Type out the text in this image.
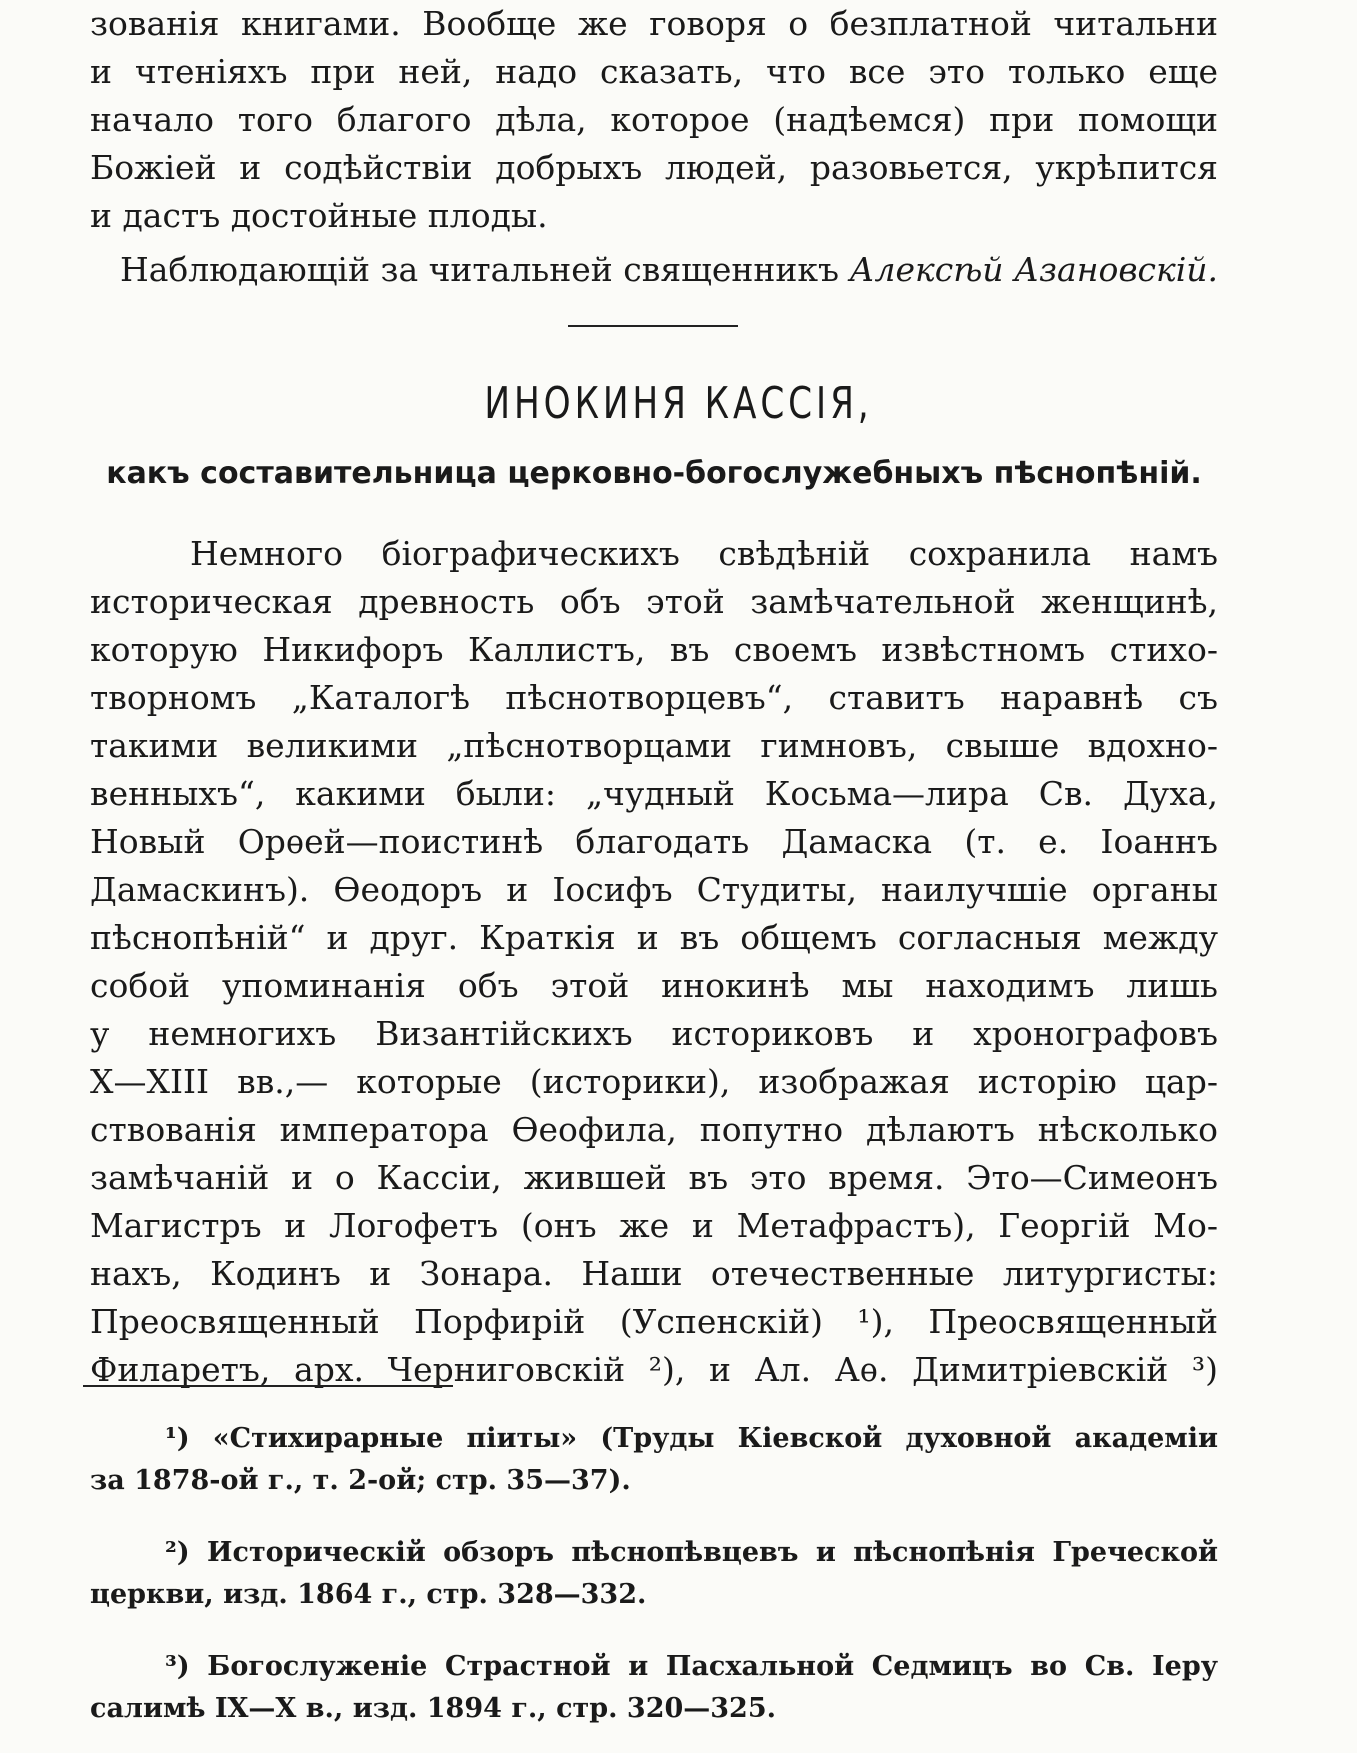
зованія книгами. Вообще же говоря о безплатной читальни
и чтеніяхъ при ней, надо сказать, что все это только еще
начало того благого дѣла, которое (надѣемся) при помощи
Божіей и содѣйствіи добрыхъ людей, разовьется, укрѣпится
и дастъ достойные плоды.
Наблюдающій за читальней священникъ Алексѣй Азановскій.
ИНОКИНЯ КАССІЯ,
какъ составительница церковно-богослужебныхъ пѣснопѣній.
Немного біографическихъ свѣдѣній сохранила намъ
историческая древность объ этой замѣчательной женщинѣ,
которую Никифоръ Каллистъ, въ своемъ извѣстномъ стихо-
творномъ „Каталогѣ пѣснотворцевъ“, ставитъ наравнѣ съ
такими великими „пѣснотворцами гимновъ, свыше вдохно-
венныхъ“, какими были: „чудный Косьма—лира Св. Духа,
Новый Орѳей—поистинѣ благодать Дамаска (т. е. Іоаннъ
Дамаскинъ). Ѳеодоръ и Іосифъ Студиты, наилучшіе органы
пѣснопѣній“ и друг. Краткія и въ общемъ согласныя между
собой упоминанія объ этой инокинѣ мы находимъ лишь
у немногихъ Византійскихъ историковъ и хронографовъ
X—XIII вв.,— которые (историки), изображая исторію цар-
ствованія императора Ѳеофила, попутно дѣлаютъ нѣсколько
замѣчаній и о Кассіи, жившей въ это время. Это—Симеонъ
Магистръ и Логофетъ (онъ же и Метафрастъ), Георгій Мо-
нахъ, Кодинъ и Зонара. Наши отечественные литургисты:
Преосвященный Порфирій (Успенскій) ¹), Преосвященный
Филаретъ, арх. Черниговскій ²), и Ал. Аѳ. Димитріевскій ³)
¹) «Стихирарные піиты» (Труды Кіевской духовной академіи
за 1878-ой г., т. 2-ой; стр. 35—37).
²) Историческій обзоръ пѣснопѣвцевъ и пѣснопѣнія Греческой
церкви, изд. 1864 г., стр. 328—332.
³) Богослуженіе Страстной и Пасхальной Седмицъ во Св. Іеру
салимѣ IX—X в., изд. 1894 г., стр. 320—325.
